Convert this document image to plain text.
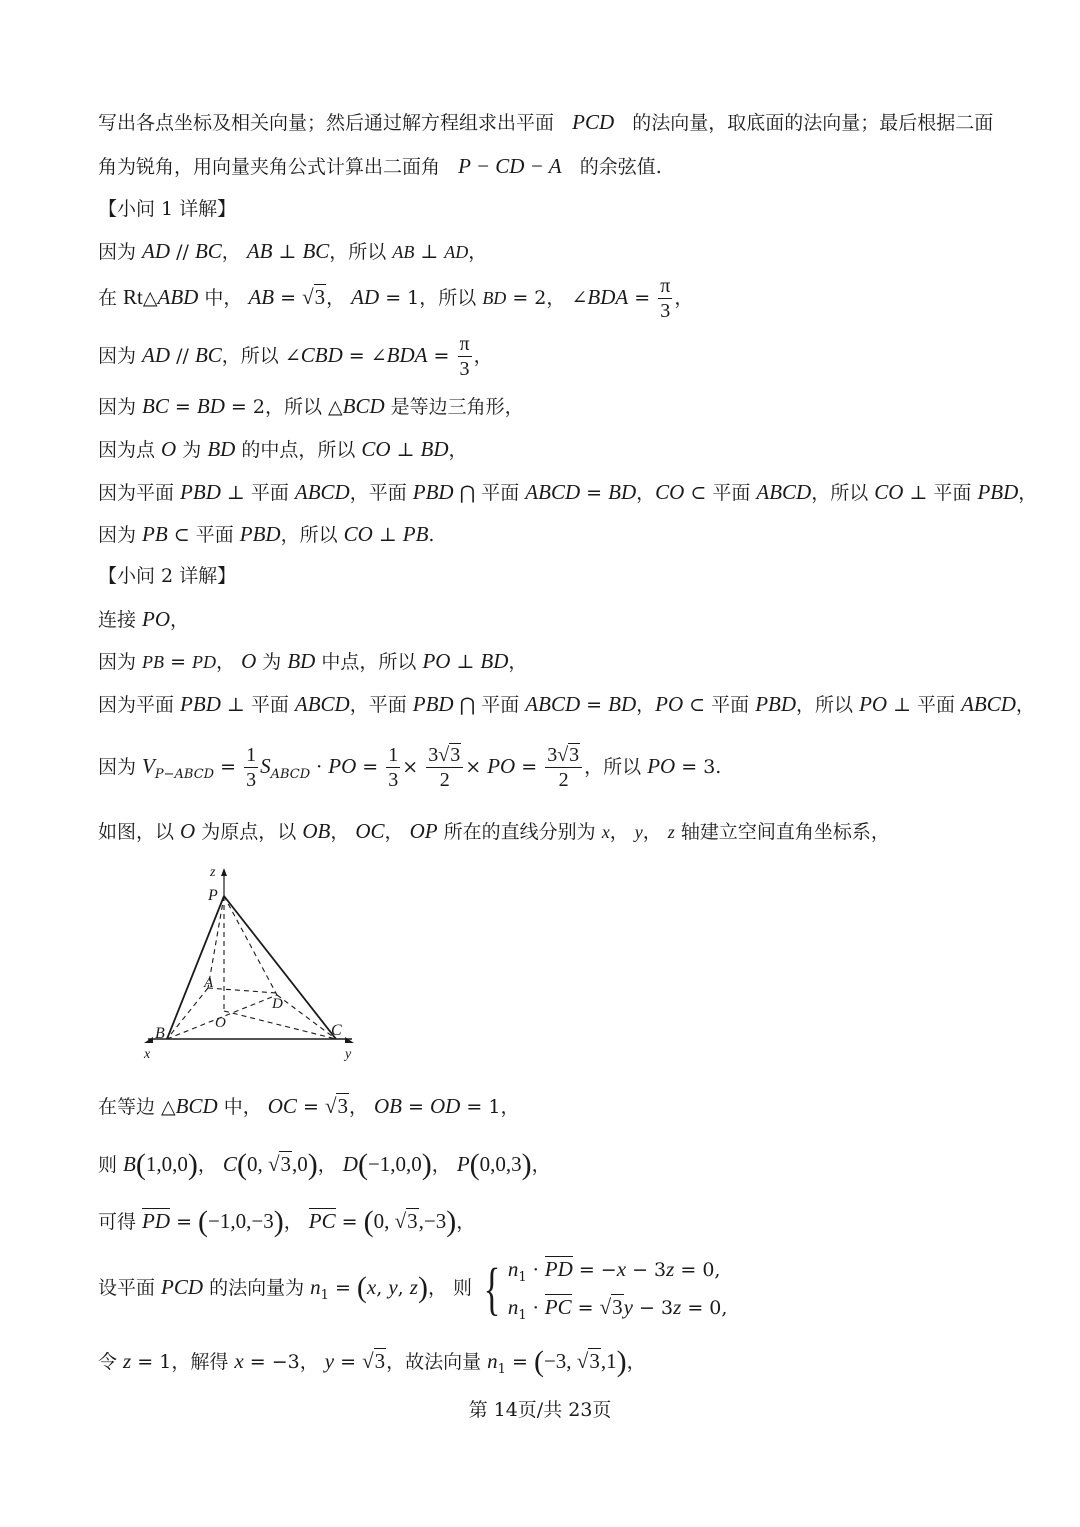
写出各点坐标及相关向量；然后通过解方程组求出平面 PCD 的法向量，取底面的法向量；最后根据二面
角为锐角，用向量夹角公式计算出二面角 P − CD − A 的余弦值.
【小问 1 详解】
因为 AD // BC， AB ⊥ BC，所以 AB ⊥ AD，
在 Rt△ABD 中， AB = √3， AD = 1，所以 BD = 2， ∠BDA = $\frac{\pi}{3}$ ，
因为 AD // BC，所以 ∠CBD = ∠BDA = $\frac{\pi}{3}$ ，
因为 BC = BD = 2，所以 △BCD 是等边三角形，
因为点 O 为 BD 的中点，所以 CO ⊥ BD，
因为平面 PBD ⊥ 平面 ABCD，平面 PBD ⋂ 平面 ABCD = BD，CO ⊂ 平面 ABCD，所以 CO ⊥ 平面 PBD，
因为 PB ⊂ 平面 PBD，所以 CO ⊥ PB.
【小问 2 详解】
连接 PO，
因为 PB = PD， O 为 BD 中点，所以 PO ⊥ BD，
因为平面 PBD ⊥ 平面 ABCD，平面 PBD ⋂ 平面 ABCD = BD，PO ⊂ 平面 PBD，所以 PO ⊥ 平面 ABCD，
因为 $V_{P-ABCD} = \frac{1}{3} S_{ABCD}$ · PO = $\frac{1}{3} \times \frac{3√3}{2}$ × PO = $\frac{3√3}{2}$ ，所以 PO = 3.
如图，以 O 为原点，以 OB， OC， OP 所在的直线分别为 x， y， z 轴建立空间直角坐标系，
z
P
A
D
O
B	C
x	y
在等边 △BCD 中， OC = √3， OB = OD = 1，
则 B(1,0,0)， C(0, √3,0)， D(−1,0,0)， P(0,0,3)，
可得 PD = (−1,0,−3)， PC = (0, √3,−3)，
设平面 PCD 的法向量为 $n_1 = (x$, y, z)， 则 { $n_1$ · PD = −x − 3z = 0,
$n_1$ · PC = √3y − 3z = 0,
令 z = 1，解得 x = −3， y = √3，故法向量 $n_1 = (-3$, √3,1)，
第 14页/共 23页
